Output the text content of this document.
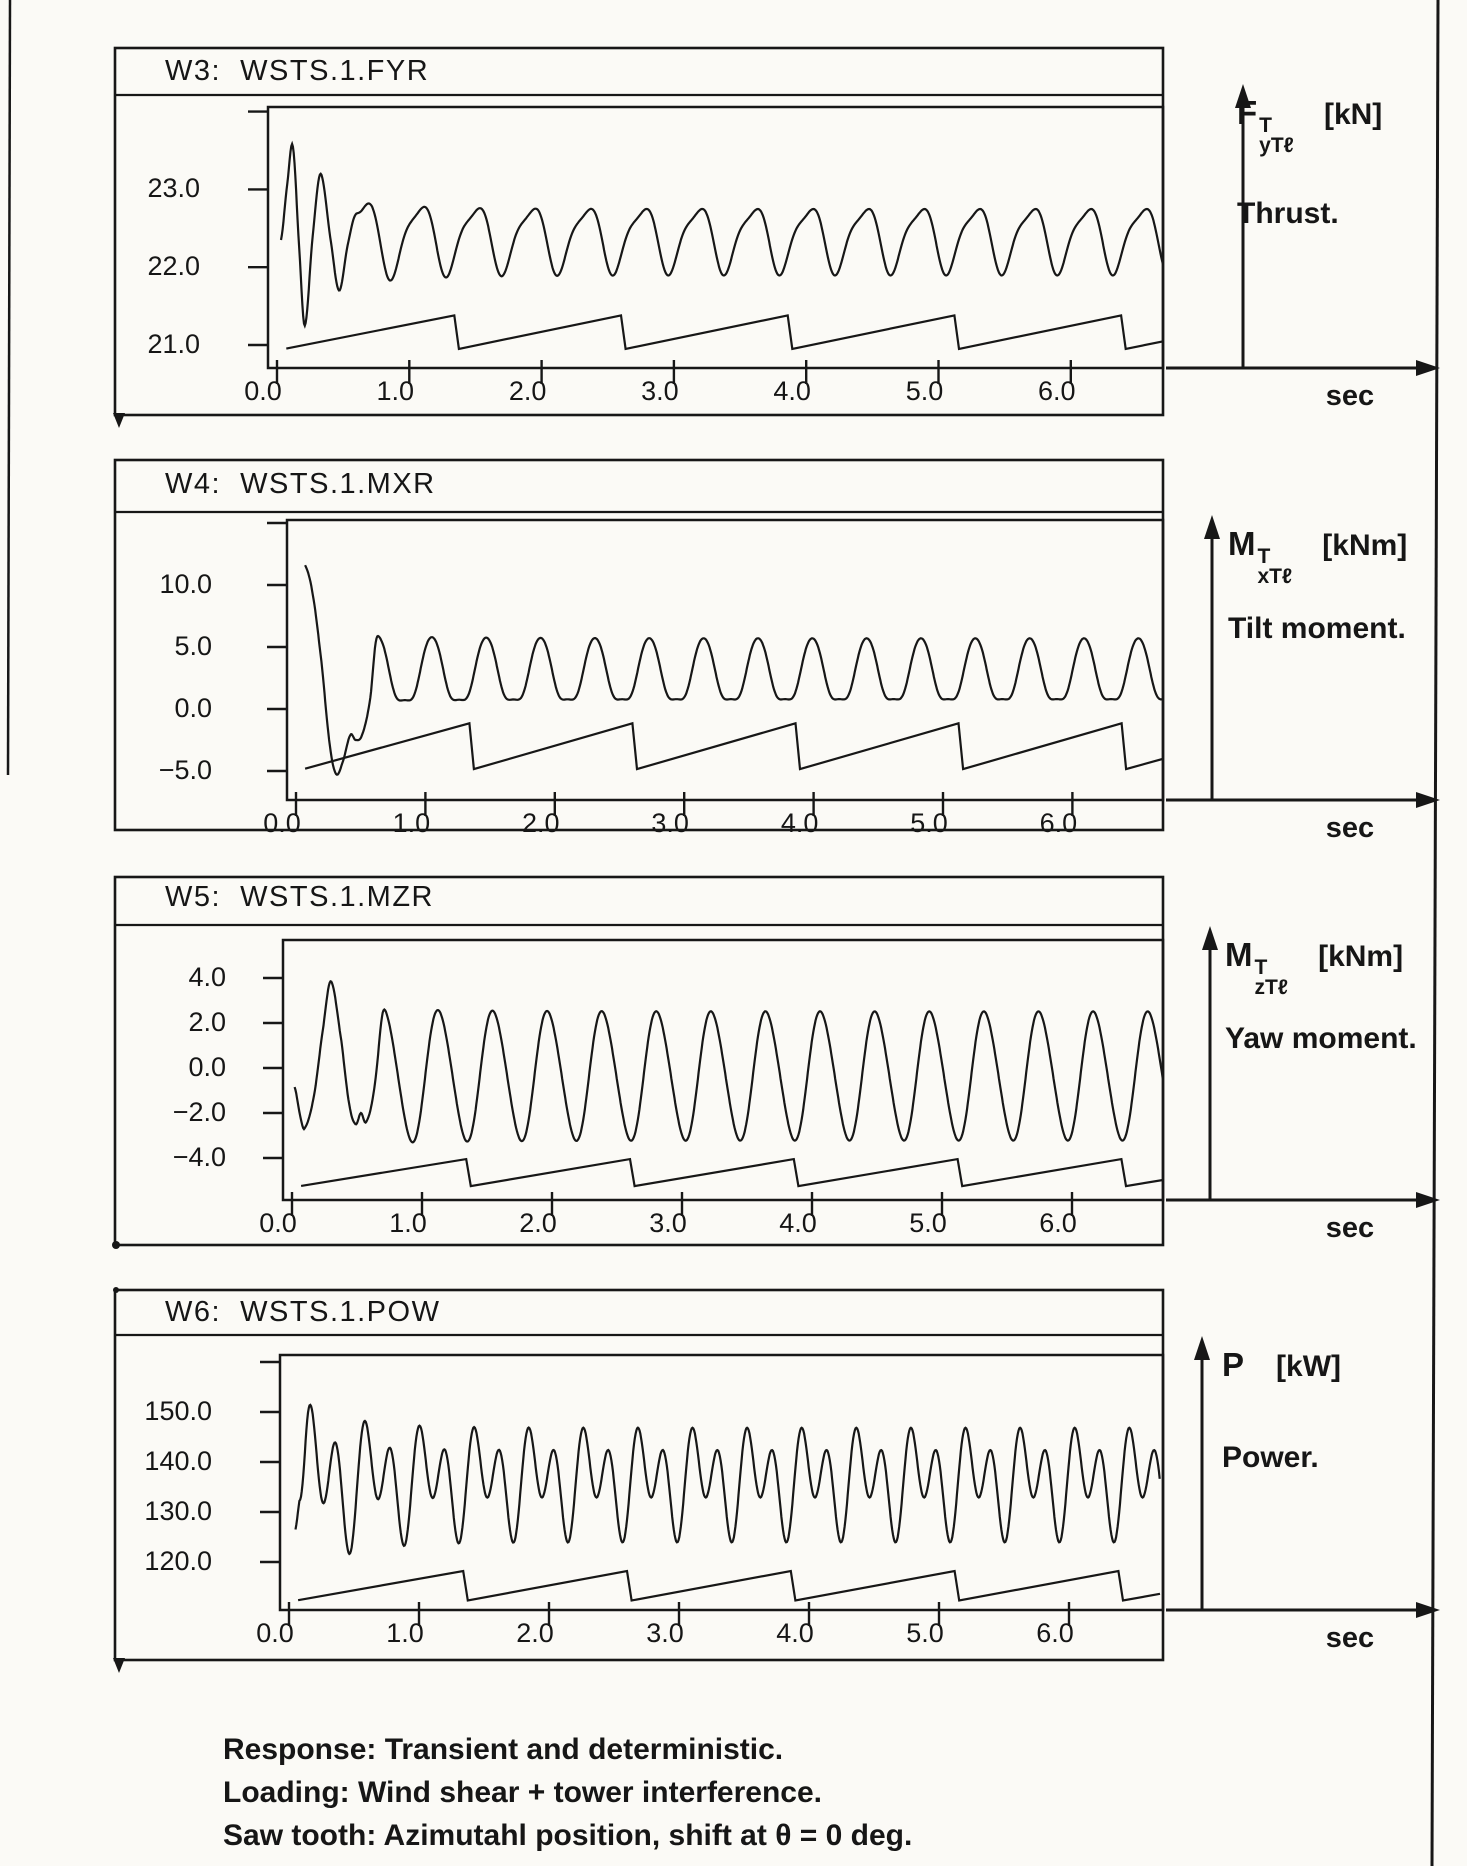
23.0
22.0
21.0
0.0	1.0	2.0	3.0	4.0	5.0	6.0
W3:  WSTS.1.FYR
F T
yTℓ
[kN]
Thrust.
sec
10.0
5.0
0.0
−5.0
0.0	1.0	2.0	3.0	4.0	5.0	6.0
W4:  WSTS.1.MXR
M T
xTℓ
[kNm]
Tilt moment.
sec
4.0
2.0
0.0
−2.0
−4.0
0.0	1.0	2.0	3.0	4.0	5.0	6.0
W5:  WSTS.1.MZR
M T
zTℓ
[kNm]
Yaw moment.
sec
150.0
140.0
130.0
120.0
0.0	1.0	2.0	3.0	4.0	5.0	6.0
W6:  WSTS.1.POW
P [kW]
Power.
sec
Response: Transient and deterministic.
Loading: Wind shear + tower interference.
Saw tooth: Azimutahl position, shift at θ = 0 deg.
